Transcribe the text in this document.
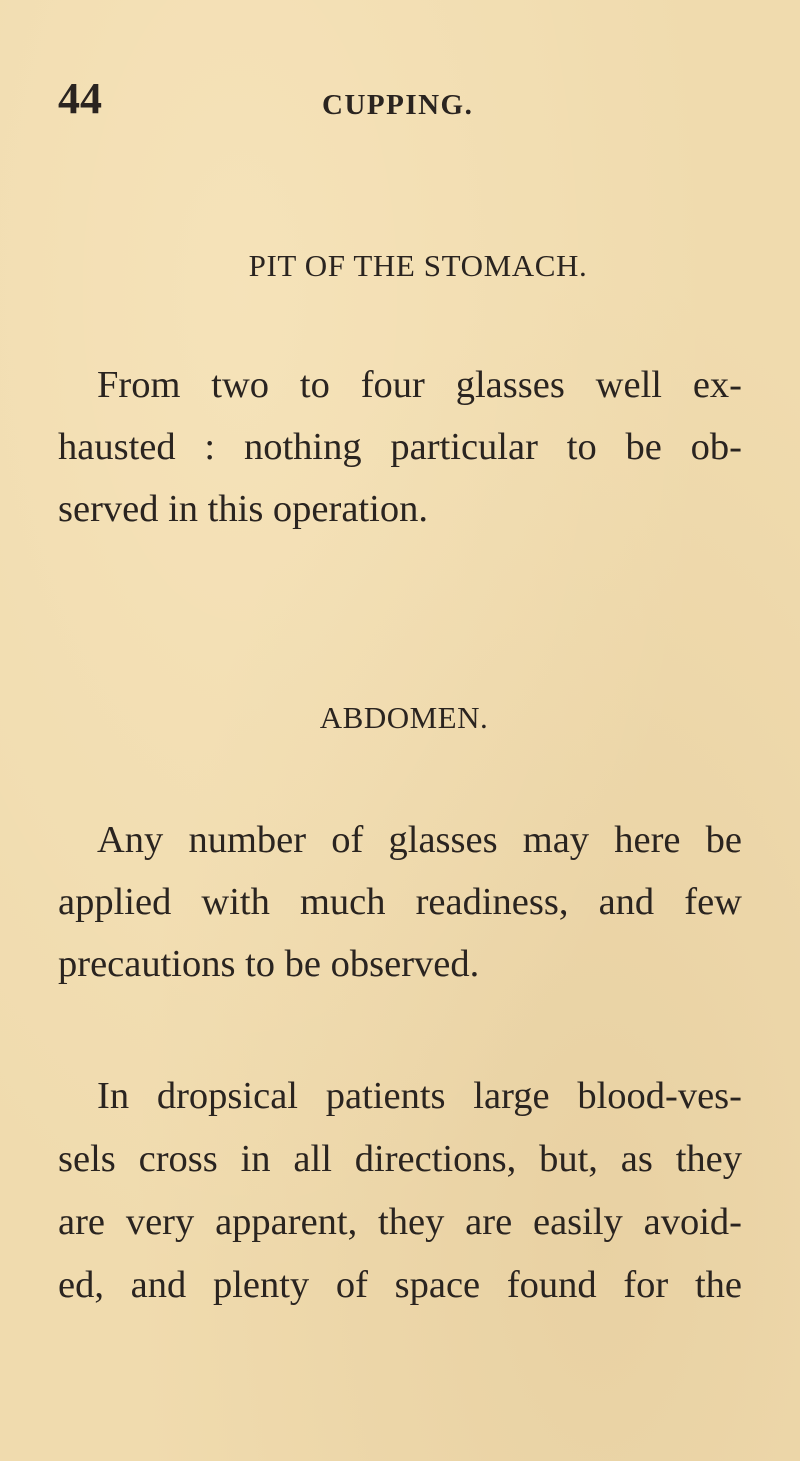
44	CUPPING.
PIT OF THE STOMACH.
From two to four glasses well ex-
hausted : nothing particular to be ob-
served in this operation.
ABDOMEN.
Any number of glasses may here be
applied with much readiness, and few
precautions to be observed.
In dropsical patients large blood-ves-
sels cross in all directions, but, as they
are very apparent, they are easily avoid-
ed, and plenty of space found for the
